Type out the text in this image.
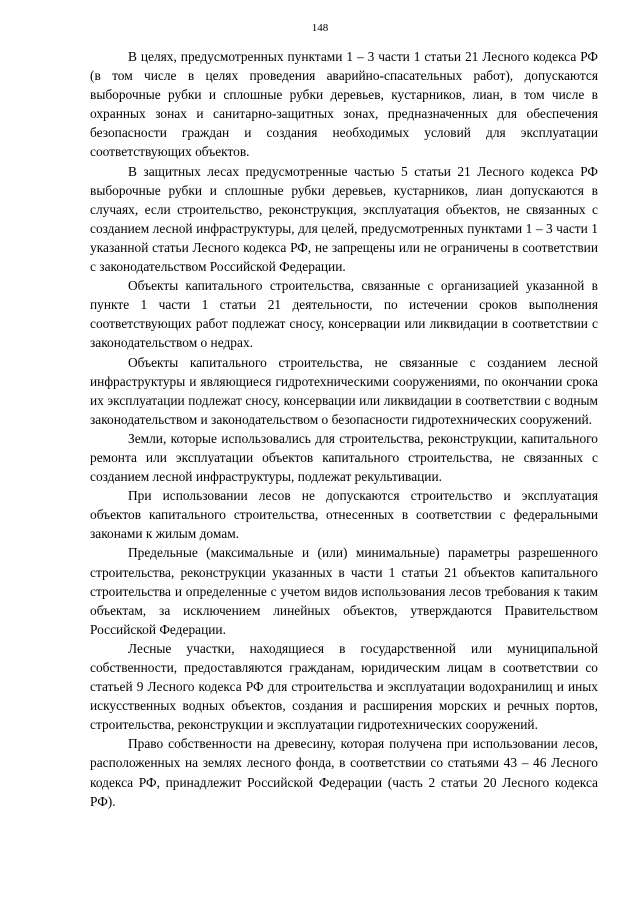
148

В целях, предусмотренных пунктами 1 – 3 части 1 статьи 21 Лесного кодекса РФ (в том числе в целях проведения аварийно-спасательных работ), допускаются выборочные рубки и сплошные рубки деревьев, кустарников, лиан, в том числе в охранных зонах и санитарно-защитных зонах, предназначенных для обеспечения безопасности граждан и создания необходимых условий для эксплуатации соответствующих объектов.

В защитных лесах предусмотренные частью 5 статьи 21 Лесного кодекса РФ выборочные рубки и сплошные рубки деревьев, кустарников, лиан допускаются в случаях, если строительство, реконструкция, эксплуатация объектов, не связанных с созданием лесной инфраструктуры, для целей, предусмотренных пунктами 1 – 3 части 1 указанной статьи Лесного кодекса РФ, не запрещены или не ограничены в соответствии с законодательством Российской Федерации.

Объекты капитального строительства, связанные с организацией указанной в пункте 1 части 1 статьи 21 деятельности, по истечении сроков выполнения соответствующих работ подлежат сносу, консервации или ликвидации в соответствии с законодательством о недрах.

Объекты капитального строительства, не связанные с созданием лесной инфраструктуры и являющиеся гидротехническими сооружениями, по окончании срока их эксплуатации подлежат сносу, консервации или ликвидации в соответствии с водным законодательством и законодательством о безопасности гидротехнических сооружений.

Земли, которые использовались для строительства, реконструкции, капитального ремонта или эксплуатации объектов капитального строительства, не связанных с созданием лесной инфраструктуры, подлежат рекультивации.

При использовании лесов не допускаются строительство и эксплуатация объектов капитального строительства, отнесенных в соответствии с федеральными законами к жилым домам.

Предельные (максимальные и (или) минимальные) параметры разрешенного строительства, реконструкции указанных в части 1 статьи 21 объектов капитального строительства и определенные с учетом видов использования лесов требования к таким объектам, за исключением линейных объектов, утверждаются Правительством Российской Федерации.

Лесные участки, находящиеся в государственной или муниципальной собственности, предоставляются гражданам, юридическим лицам в соответствии со статьей 9 Лесного кодекса РФ для строительства и эксплуатации водохранилищ и иных искусственных водных объектов, создания и расширения морских и речных портов, строительства, реконструкции и эксплуатации гидротехнических сооружений.

Право собственности на древесину, которая получена при использовании лесов, расположенных на землях лесного фонда, в соответствии со статьями 43 – 46 Лесного кодекса РФ, принадлежит Российской Федерации (часть 2 статьи 20 Лесного кодекса РФ).
